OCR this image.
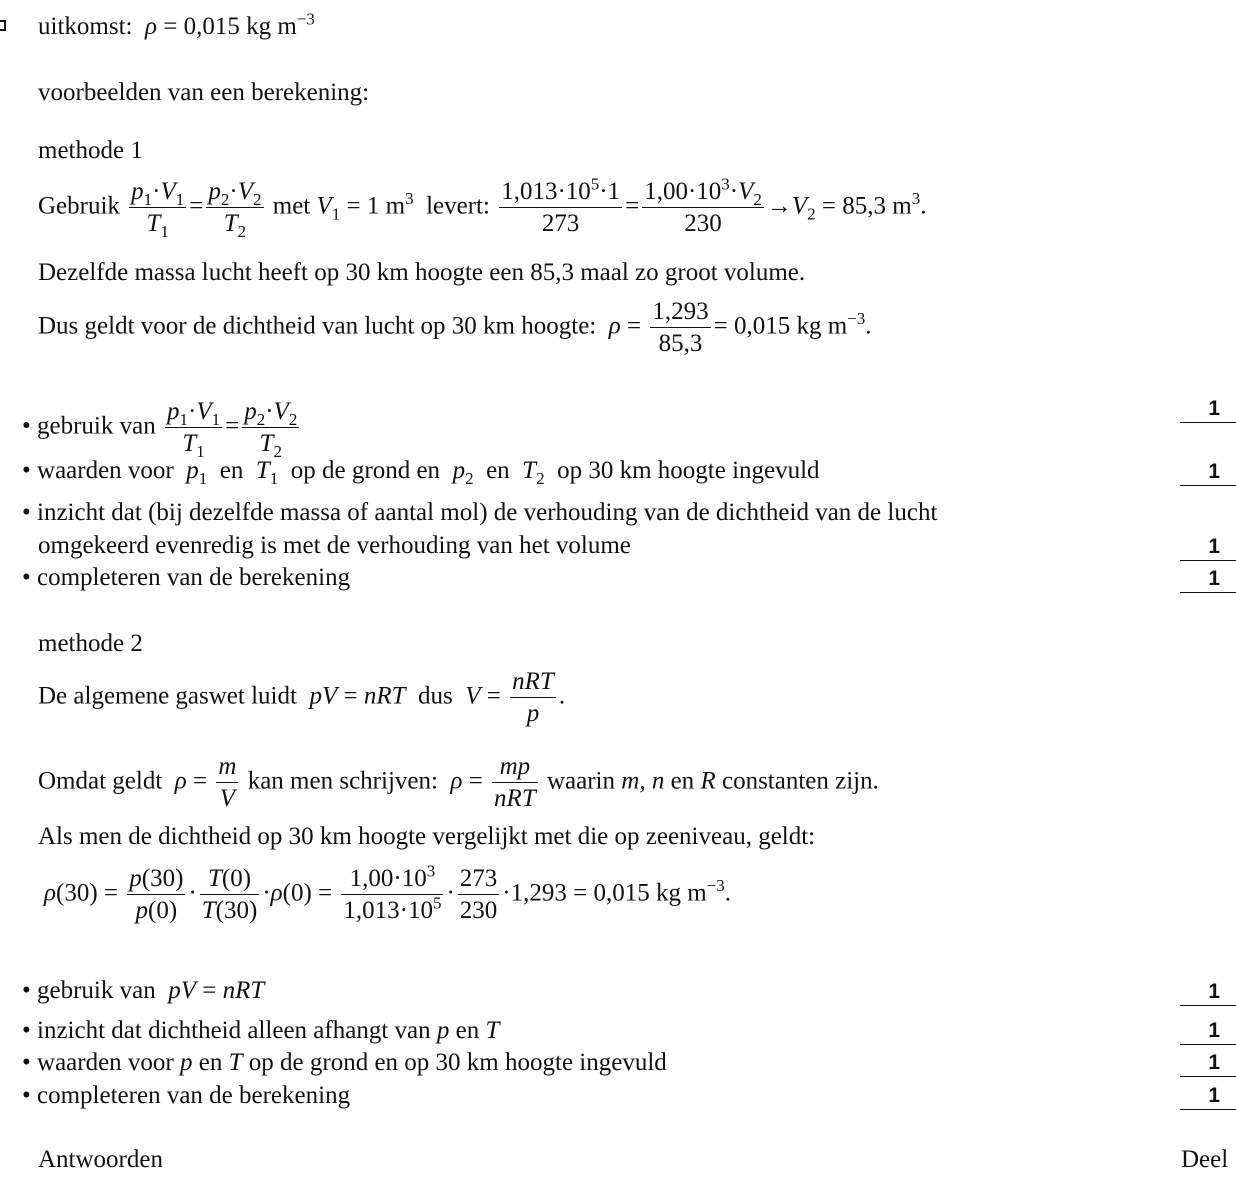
uitkomst: ρ = 0,015 kg $m^{-3}$
voorbeelden van een berekening:
methode 1
Gebruik $\frac{p_1\cdot V_1}{T_1} = \frac{p_2\cdot V_2}{T_2}$ met $V_1 = 1$ $m^3$ levert: $\frac{1,013\cdot 10^5\cdot 1}{273} = \frac{1,00\cdot 10^3\cdot V_2}{230} \to V_2 = 85,3$ $m^3$.
Dezelfde massa lucht heeft op 30 km hoogte een 85,3 maal zo groot volume.
Dus geldt voor de dichtheid van lucht op 30 km hoogte: $\rho = \frac{1,293}{85,3} = 0,015$ kg $m^{-3}$.
• gebruik van $\frac{p_1\cdot V_1}{T_1} = \frac{p_2\cdot V_2}{T_2}$	1
• waarden voor $p_1$ en $T_1$ op de grond en $p_2$ en $T_2$ op 30 km hoogte ingevuld	1
• inzicht dat (bij dezelfde massa of aantal mol) de verhouding van de dichtheid van de lucht
omgekeerd evenredig is met de verhouding van het volume	1
• completeren van de berekening	1
methode 2
De algemene gaswet luidt pV = nRT dus $V = \frac{\text{nRT}}{p}$ .
Omdat geldt $\rho = \frac{m}{V}$ kan men schrijven: $\rho = \frac{mp}{\text{nRT}}$ waarin m, n en R constanten zijn.
Als men de dichtheid op 30 km hoogte vergelijkt met die op zeeniveau, geldt:
$\rho(30) = \frac{p(30)}{p(0)} \cdot \frac{T(0)}{T(30)} \cdot\rho(0) = \frac{1,00\cdot 10^3}{1,013\cdot 10^5} \cdot \frac{273}{230} \cdot 1,293 = 0,015$ kg $m^{-3}$.
• gebruik van pV = nRT	1
• inzicht dat dichtheid alleen afhangt van p en T	1
• waarden voor p en T op de grond en op 30 km hoogte ingevuld	1
• completeren van de berekening	1
Antwoorden	Deel
